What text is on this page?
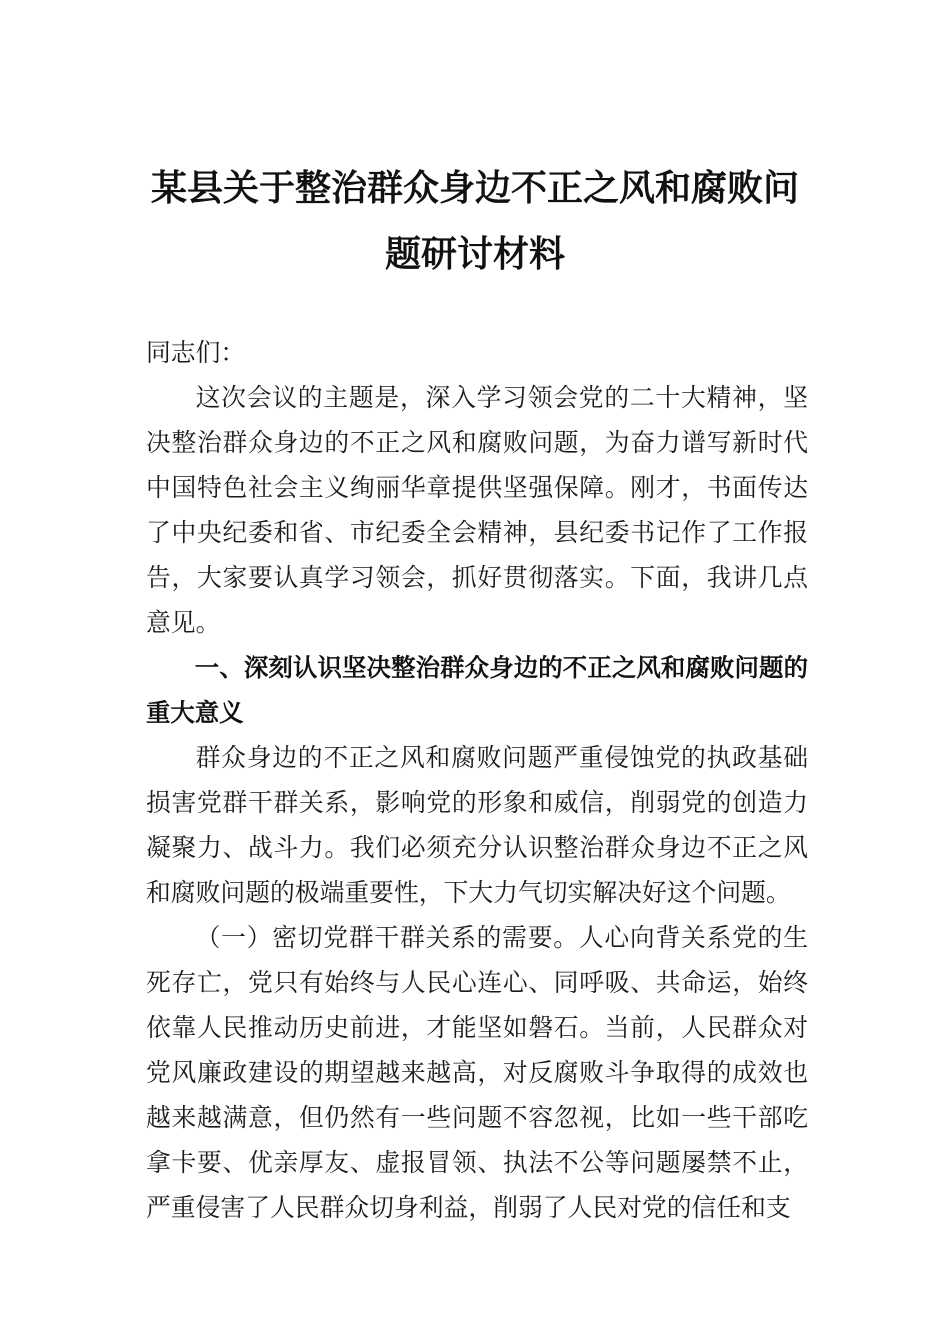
某县关于整治群众身边不正之风和腐败问
题研讨材料

同志们：

这次会议的主题是，深入学习领会党的二十大精神，坚决整治群众身边的不正之风和腐败问题，为奋力谱写新时代中国特色社会主义绚丽华章提供坚强保障。刚才，书面传达了中央纪委和省、市纪委全会精神，县纪委书记作了工作报告，大家要认真学习领会，抓好贯彻落实。下面，我讲几点意见。

一、深刻认识坚决整治群众身边的不正之风和腐败问题的重大意义

群众身边的不正之风和腐败问题严重侵蚀党的执政基础损害党群干群关系，影响党的形象和威信，削弱党的创造力凝聚力、战斗力。我们必须充分认识整治群众身边不正之风和腐败问题的极端重要性，下大力气切实解决好这个问题。

（一）密切党群干群关系的需要。人心向背关系党的生死存亡，党只有始终与人民心连心、同呼吸、共命运，始终依靠人民推动历史前进，才能坚如磐石。当前，人民群众对党风廉政建设的期望越来越高，对反腐败斗争取得的成效也越来越满意，但仍然有一些问题不容忽视，比如一些干部吃拿卡要、优亲厚友、虚报冒领、执法不公等问题屡禁不止，严重侵害了人民群众切身利益，削弱了人民对党的信任和支
